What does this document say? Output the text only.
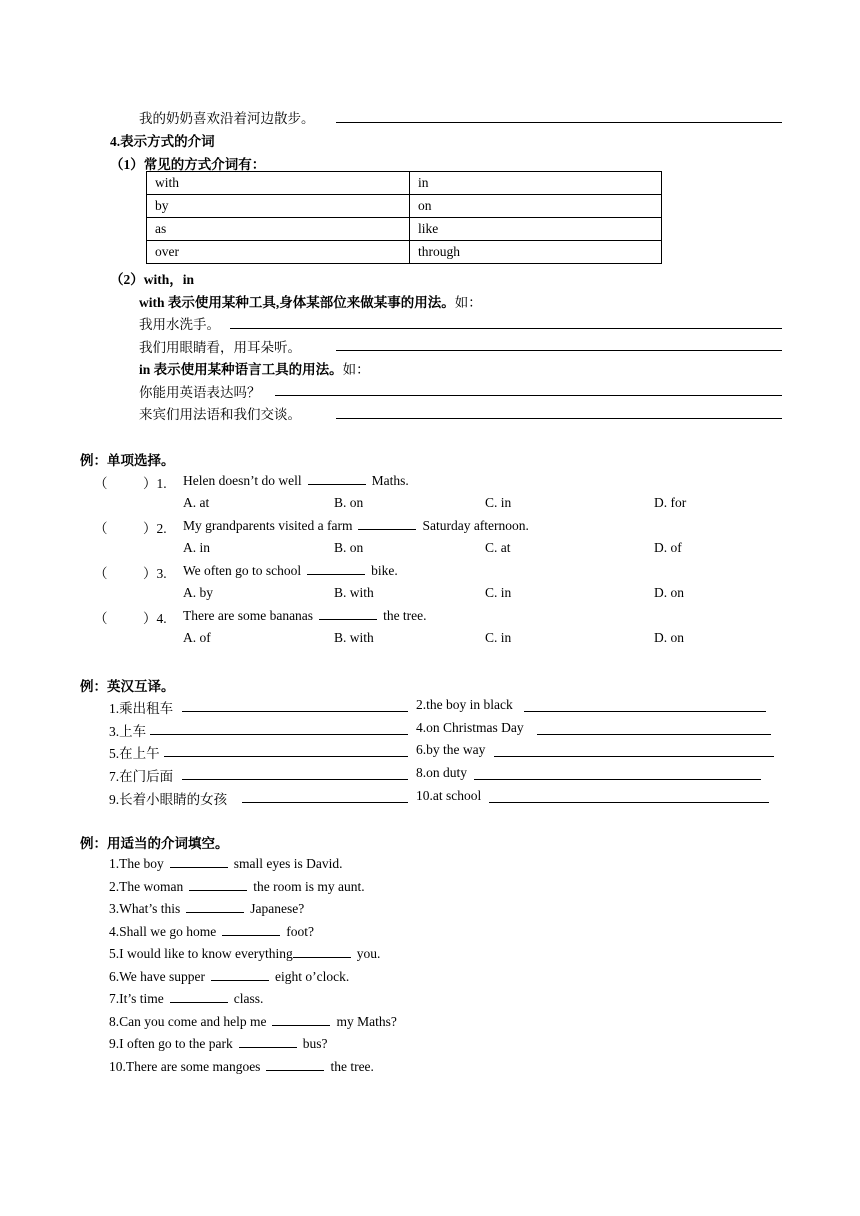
我的奶奶喜欢沿着河边散步。
4.表示方式的介词
（1）常见的方式介词有：
with	in
by	on
as	like
over	through
（2）with，in
with 表示使用某种工具,身体某部位来做某事的用法。如：
我用水洗手。
我们用眼睛看，用耳朵听。
in 表示使用某种语言工具的用法。如：
你能用英语表达吗？
来宾们用法语和我们交谈。
例：单项选择。
（	）1. Helen doesn’t do well	Maths.
A. at	B. on	C. in	D. for
（	）2. My grandparents visited a farm	Saturday afternoon.
A. in	B. on	C. at	D. of
（	）3. We often go to school	bike.
A. by	B. with	C. in	D. on
（	）4. There are some bananas	the tree.
A. of	B. with	C. in	D. on
例：英汉互译。
1.乘出租车	2.the boy in black
3.上车	4.on Christmas Day
5.在上午	6.by the way
7.在门后面	8.on duty
9.长着小眼睛的女孩	10.at school
例：用适当的介词填空。
1.The boy	small eyes is David.
2.The woman	the room is my aunt.
3.What’s this	Japanese?
4.Shall we go home	foot?
5.I would like to know everything	you.
6.We have supper	eight o’clock.
7.It’s time	class.
8.Can you come and help me	my Maths?
9.I often go to the park	bus?
10.There are some mangoes	the tree.
